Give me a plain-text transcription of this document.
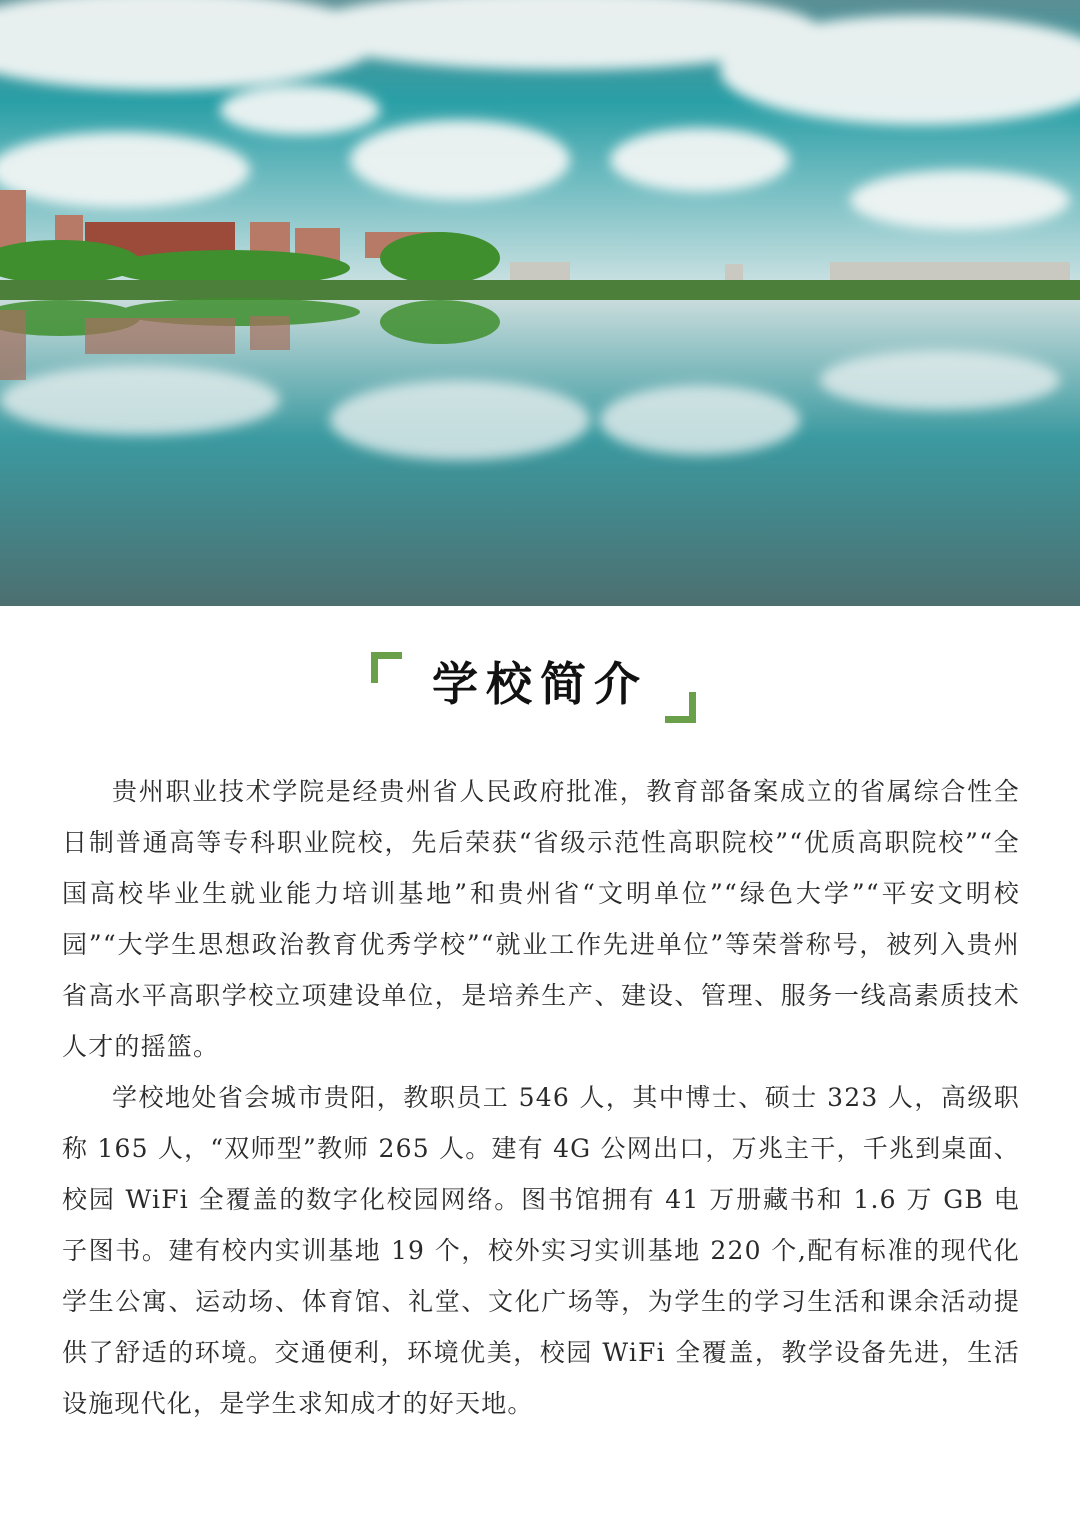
学校简介

贵州职业技术学院是经贵州省人民政府批准，教育部备案成立的省属综合性全日制普通高等专科职业院校，先后荣获“省级示范性高职院校”“优质高职院校”“全国高校毕业生就业能力培训基地”和贵州省“文明单位”“绿色大学”“平安文明校园”“大学生思想政治教育优秀学校”“就业工作先进单位”等荣誉称号，被列入贵州省高水平高职学校立项建设单位，是培养生产、建设、管理、服务一线高素质技术人才的摇篮。

学校地处省会城市贵阳，教职员工 546 人，其中博士、硕士 323 人，高级职称 165 人，“双师型”教师 265 人。建有 4G 公网出口，万兆主干，千兆到桌面、校园 WiFi 全覆盖的数字化校园网络。图书馆拥有 41 万册藏书和 1.6 万 GB 电子图书。建有校内实训基地 19 个，校外实习实训基地 220 个,配有标准的现代化学生公寓、运动场、体育馆、礼堂、文化广场等，为学生的学习生活和课余活动提供了舒适的环境。交通便利，环境优美，校园 WiFi 全覆盖，教学设备先进，生活设施现代化，是学生求知成才的好天地。
